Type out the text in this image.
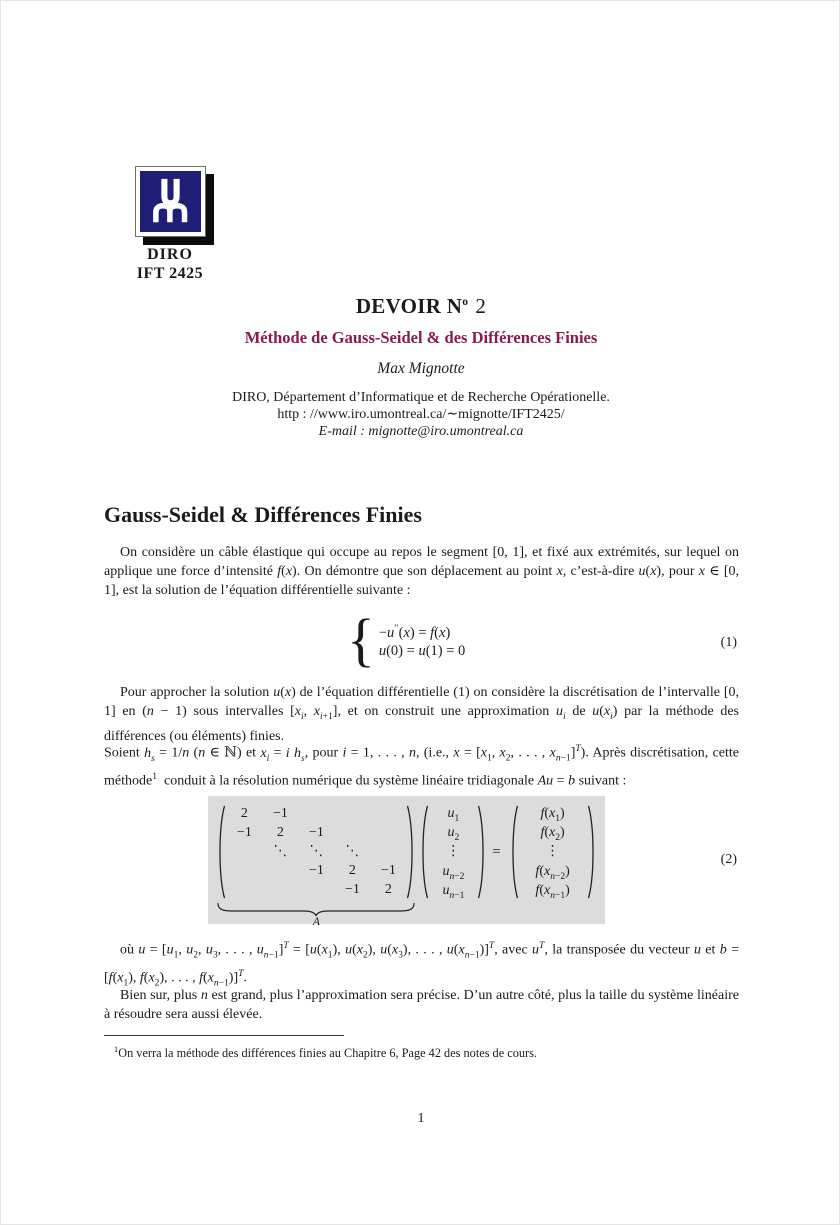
DIRO
IFT 2425
DEVOIR $N^o$ 2
Méthode de Gauss-Seidel & des Différences Finies
Max Mignotte
DIRO, Département d’Informatique et de Recherche Opérationelle.
http : //www.iro.umontreal.ca/∼mignotte/IFT2425/
E-mail : mignotte@iro.umontreal.ca
Gauss-Seidel & Différences Finies

On considère un câble élastique qui occupe au repos le segment [0, 1], et fixé aux extrémités, sur lequel on applique une force d’intensité f(x). On démontre que son déplacement au point x, c’est-à-dire u(x), pour x ∈ [0, 1], est la solution de l’équation différentielle suivante :

{ −u′′(x) = f(x)
u(0) = u(1) = 0
(1)

Pour approcher la solution u(x) de l’équation différentielle (1) on considère la discrétisation de l’intervalle [0, 1] en (n − 1) sous intervalles [$x_i$, $x_{i+1}$], et on construit une approximation $u_i$ de $u(x_i)$ par la méthode des différences (ou éléments) finies.

Soient $h_s = 1/n$ (n ∈ ℕ) et $x_i = i$ $h_s$, pour i = 1, . . . , n, (i.e., $x = [x_1$, $x_2$, . . . , $x_{n-1}]^T$). Après discrétisation, cette méthode$^1$  conduit à la résolution numérique du système linéaire tridiagonale Au = b suivant :

2 −1
−1 2 −1
⋱ ⋱ ⋱
−1 2 −1
−1 2
A
$u_1$
$u_2$
⋮
$u_{n-2}$
$u_{n-1}$
=
$f(x_1)$
$f(x_2)$
⋮
$f(x_{n-2})$
$f(x_{n-1})$
(2)

où $u = [u_1$, $u_2$, $u_3$, . . . , $u_{n-1}]^T = [u(x_1)$, $u(x_2)$, $u(x_3)$, . . . , $u(x_{n-1})]^T$, avec $u^T$, la transposée du vecteur u et $b = [f(x_1)$, $f(x_2)$, . . . , $f(x_{n-1})]^T$.

Bien sur, plus n est grand, plus l’approximation sera précise. D’un autre côté, plus la taille du système linéaire à résoudre sera aussi élevée.

$^1$On verra la méthode des différences finies au Chapitre 6, Page 42 des notes de cours.
1
